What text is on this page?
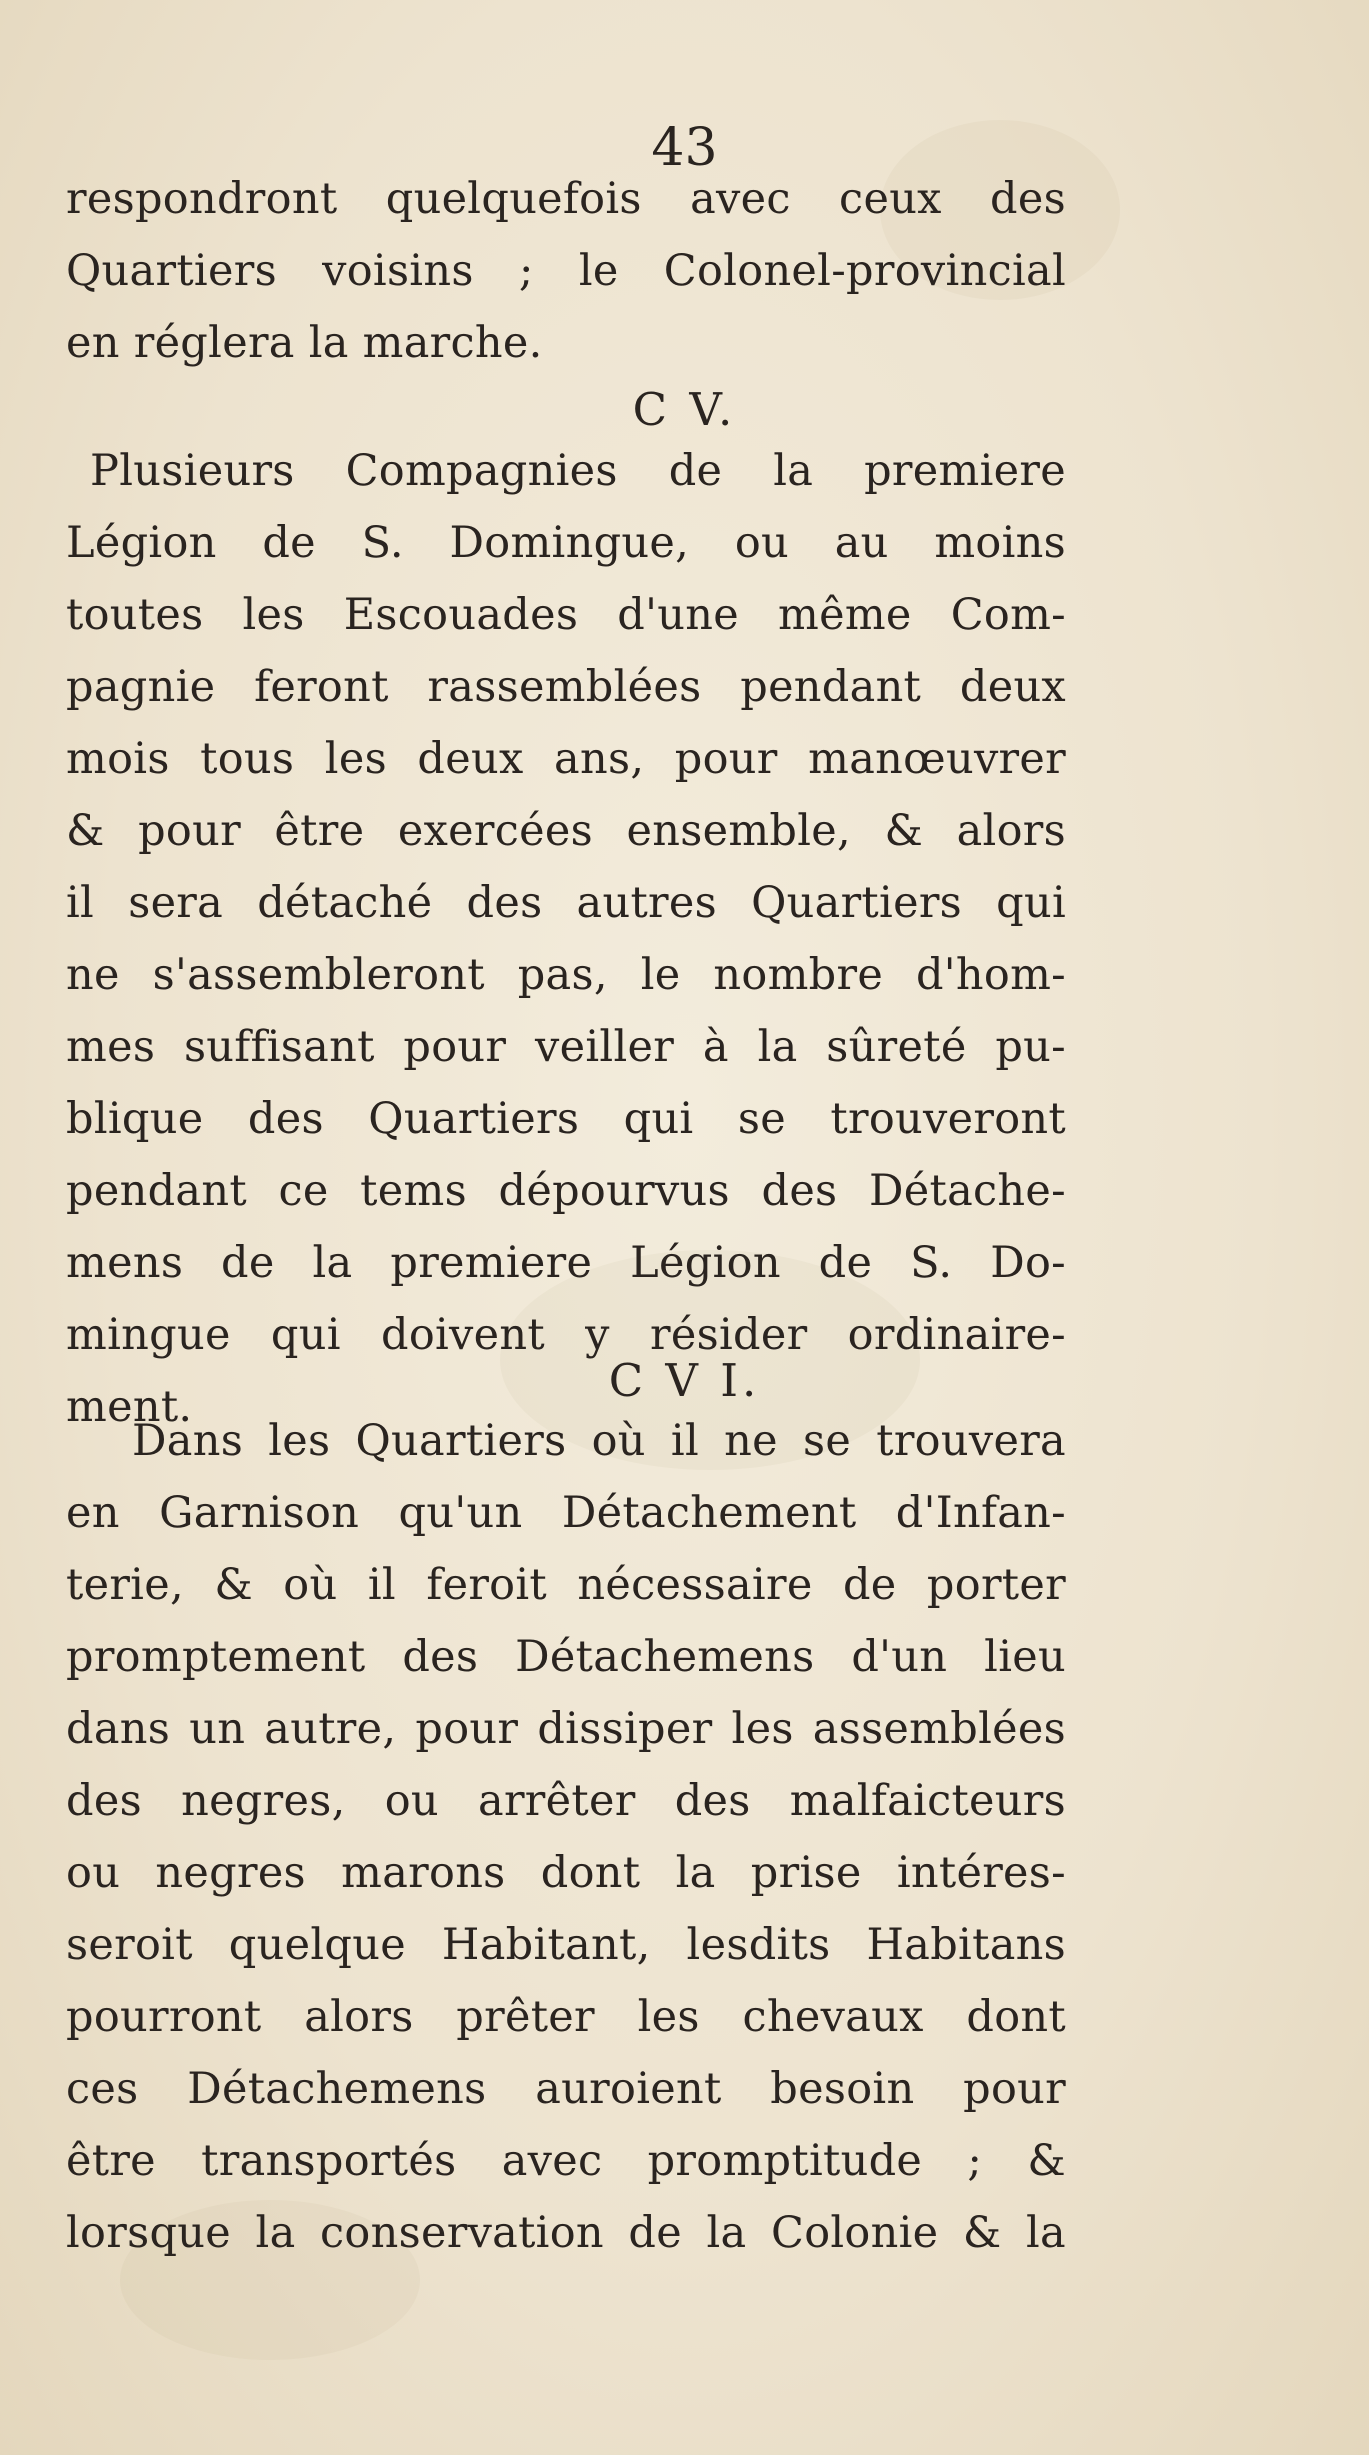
43
respondront quelquefois avec ceux des
Quartiers voisins ; le Colonel-provincial
en réglera la marche.
C V.
Plusieurs Compagnies de la premiere
Légion de S. Domingue, ou au moins
toutes les Escouades d'une même Com-
pagnie feront rassemblées pendant deux
mois tous les deux ans, pour manœuvrer
& pour être exercées ensemble, & alors
il sera détaché des autres Quartiers qui
ne s'assembleront pas, le nombre d'hom-
mes suffisant pour veiller à la sûreté pu-
blique des Quartiers qui se trouveront
pendant ce tems dépourvus des Détache-
mens de la premiere Légion de S. Do-
mingue qui doivent y résider ordinaire-
ment.	C V I.
Dans les Quartiers où il ne se trouvera
en Garnison qu'un Détachement d'Infan-
terie, & où il feroit nécessaire de porter
promptement des Détachemens d'un lieu
dans un autre, pour dissiper les assemblées
des negres, ou arrêter des malfaicteurs
ou negres marons dont la prise intéres-
seroit quelque Habitant, lesdits Habitans
pourront alors prêter les chevaux dont
ces Détachemens auroient besoin pour
être transportés avec promptitude ; &
lorsque la conservation de la Colonie & la
